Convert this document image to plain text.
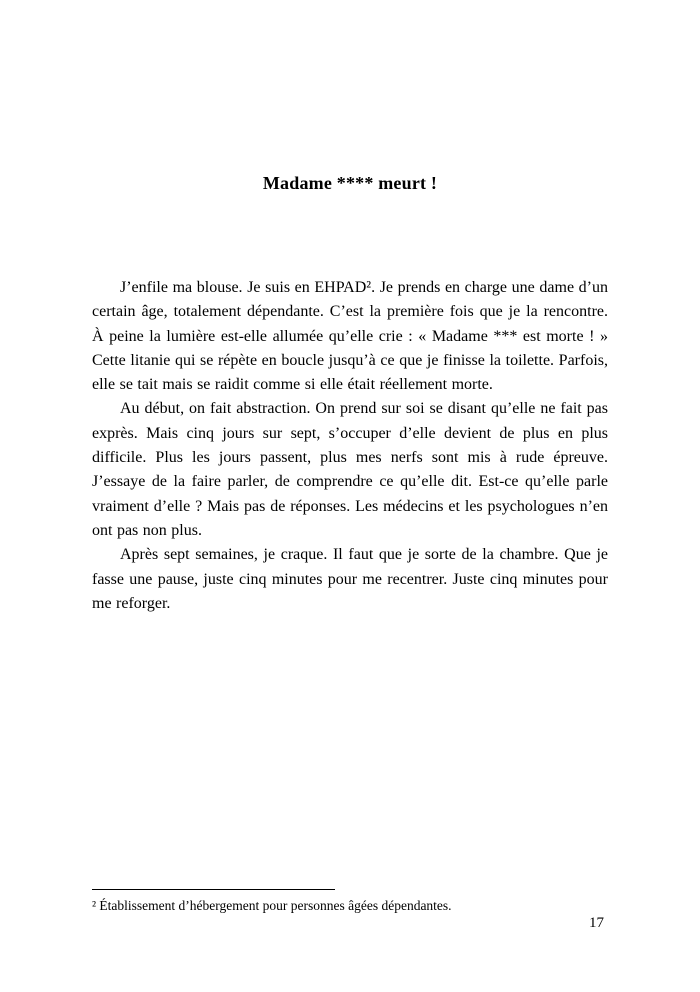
Madame **** meurt !

J’enfile ma blouse. Je suis en EHPAD². Je prends en charge une dame d’un certain âge, totalement dépendante. C’est la première fois que je la rencontre. À peine la lumière est-elle allumée qu’elle crie : « Madame *** est morte ! » Cette litanie qui se répète en boucle jusqu’à ce que je finisse la toilette. Parfois, elle se tait mais se raidit comme si elle était réellement morte.

Au début, on fait abstraction. On prend sur soi se disant qu’elle ne fait pas exprès. Mais cinq jours sur sept, s’occuper d’elle devient de plus en plus difficile. Plus les jours passent, plus mes nerfs sont mis à rude épreuve. J’essaye de la faire parler, de comprendre ce qu’elle dit. Est-ce qu’elle parle vraiment d’elle ? Mais pas de réponses. Les médecins et les psychologues n’en ont pas non plus.

Après sept semaines, je craque. Il faut que je sorte de la chambre. Que je fasse une pause, juste cinq minutes pour me recentrer. Juste cinq minutes pour me reforger.

² Établissement d’hébergement pour personnes âgées dépendantes.

17
